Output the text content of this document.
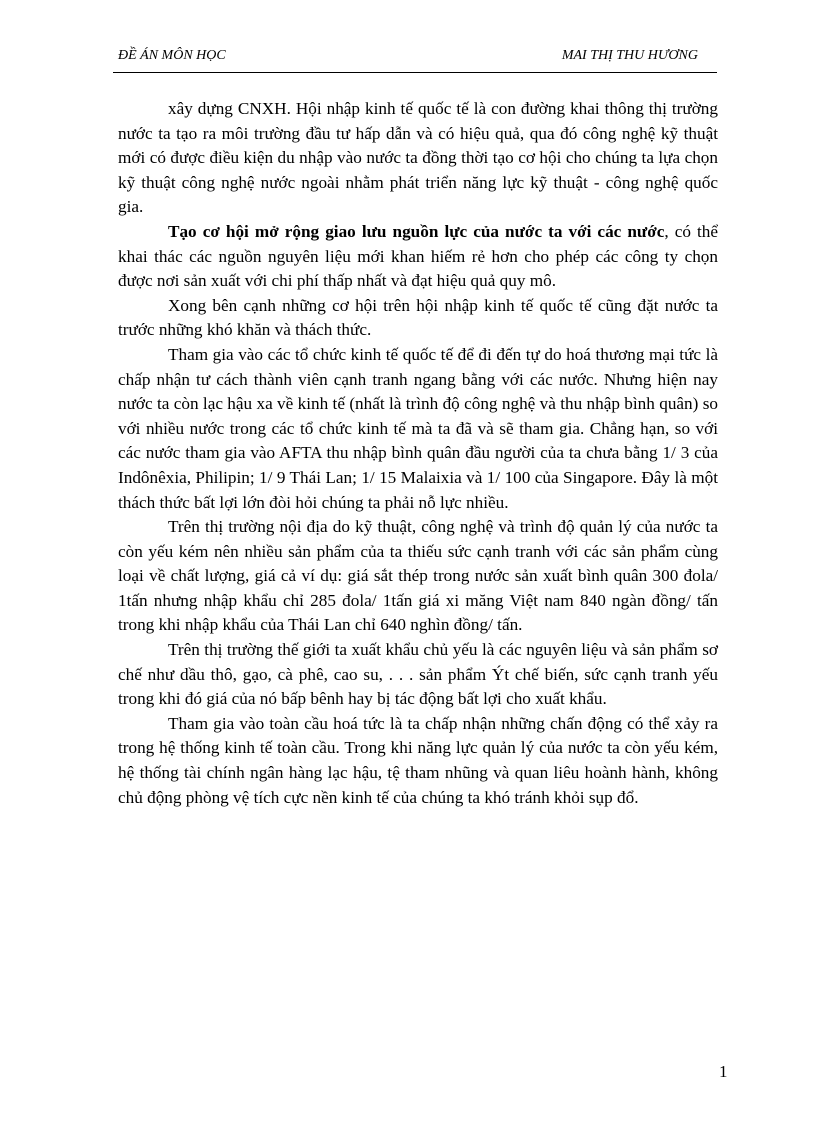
ĐỀ ÁN MÔN HỌC	MAI THỊ THU HƯƠNG

xây dựng CNXH. Hội nhập kinh tế quốc tế là con đường khai thông thị trường nước ta tạo ra môi trường đầu tư hấp dẫn và có hiệu quả, qua đó công nghệ kỹ thuật mới có được điều kiện du nhập vào nước ta đồng thời tạo cơ hội cho chúng ta lựa chọn kỹ thuật công nghệ nước ngoài nhằm phát triển năng lực kỹ thuật - công nghệ quốc gia.

Tạo cơ hội mở rộng giao lưu nguồn lực của nước ta với các nước, có thể khai thác các nguồn nguyên liệu mới khan hiếm rẻ hơn cho phép các công ty chọn được nơi sản xuất với chi phí thấp nhất và đạt hiệu quả quy mô.

Xong bên cạnh những cơ hội trên hội nhập kinh tế quốc tế cũng đặt nước ta trước những khó khăn và thách thức.

Tham gia vào các tổ chức kinh tế quốc tế để đi đến tự do hoá thương mại tức là chấp nhận tư cách thành viên cạnh tranh ngang bằng với các nước. Nhưng hiện nay nước ta còn lạc hậu xa về kinh tế (nhất là trình độ công nghệ và thu nhập bình quân) so với nhiều nước trong các tổ chức kinh tế mà ta đã và sẽ tham gia. Chẳng hạn, so với các nước tham gia vào AFTA thu nhập bình quân đầu người của ta chưa bằng 1/ 3 của Indônêxia, Philipin; 1/ 9 Thái Lan; 1/ 15 Malaixia và 1/ 100 của Singapore. Đây là một thách thức bất lợi lớn đòi hỏi chúng ta phải nỗ lực nhiều.

Trên thị trường nội địa do kỹ thuật, công nghệ và trình độ quản lý của nước ta còn yếu kém nên nhiều sản phẩm của ta thiếu sức cạnh tranh với các sản phẩm cùng loại về chất lượng, giá cả ví dụ: giá sắt thép trong nước sản xuất bình quân 300 đola/ 1tấn nhưng nhập khẩu chỉ 285 đola/ 1tấn giá xi măng Việt nam 840 ngàn đồng/ tấn trong khi nhập khẩu của Thái Lan chỉ 640 nghìn đồng/ tấn.

Trên thị trường thế giới ta xuất khẩu chủ yếu là các nguyên liệu và sản phẩm sơ chế như dầu thô, gạo, cà phê, cao su, . . . sản phẩm Ýt chế biến, sức cạnh tranh yếu trong khi đó giá của nó bấp bênh hay bị tác động bất lợi cho xuất khẩu.

Tham gia vào toàn cầu hoá tức là ta chấp nhận những chấn động có thể xảy ra trong hệ thống kinh tế toàn cầu. Trong khi năng lực quản lý của nước ta còn yếu kém, hệ thống tài chính ngân hàng lạc hậu, tệ tham nhũng và quan liêu hoành hành, không chủ động phòng vệ tích cực nền kinh tế của chúng ta khó tránh khỏi sụp đổ.

1
